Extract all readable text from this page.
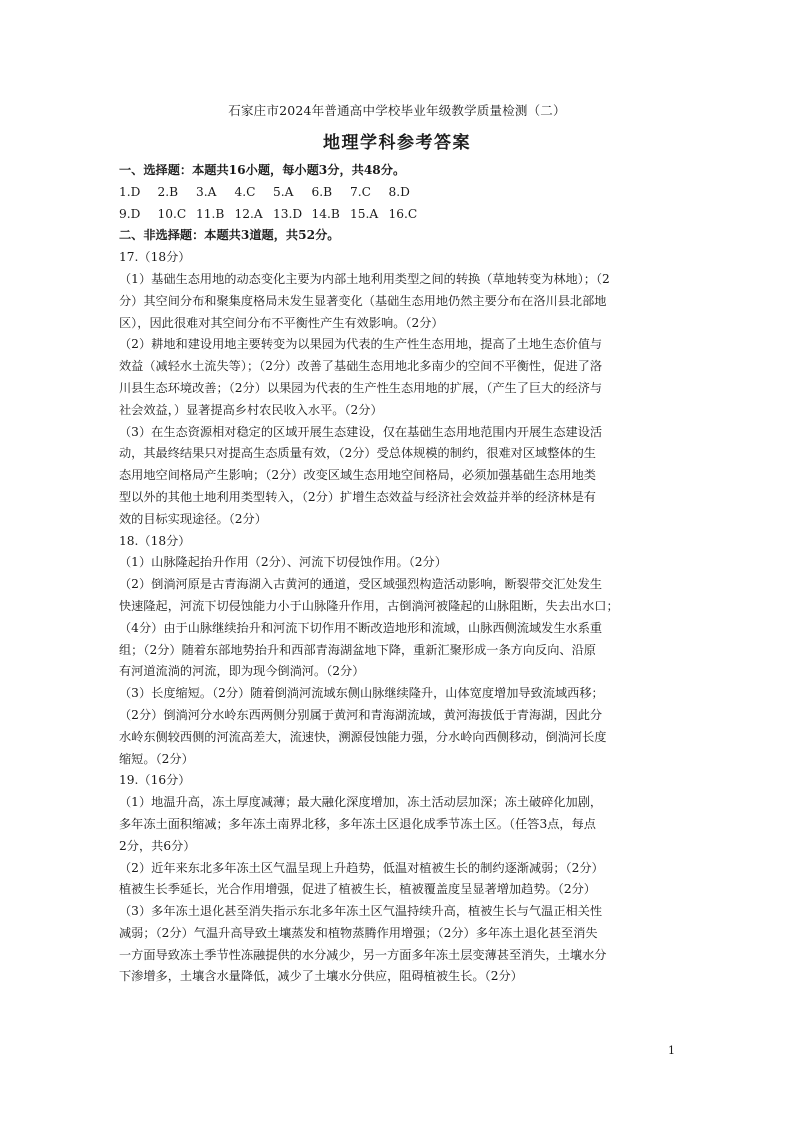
石家庄市2024年普通高中学校毕业年级教学质量检测（二）
地理学科参考答案
一、选择题：本题共16小题，每小题3分，共48分。
1.D	2.B	3.A	4.C	5.A	6.B	7.C	8.D
9.D	10.C 11.B 12.A 13.D 14.B 15.A 16.C
二、非选择题：本题共3道题，共52分。
17.（18分）
（1）基础生态用地的动态变化主要为内部土地利用类型之间的转换（草地转变为林地）；（2
分）其空间分布和聚集度格局未发生显著变化（基础生态用地仍然主要分布在洛川县北部地
区），因此很难对其空间分布不平衡性产生有效影响。（2分）
（2）耕地和建设用地主要转变为以果园为代表的生产性生态用地，提高了土地生态价值与
效益（减轻水土流失等）；（2分）改善了基础生态用地北多南少的空间不平衡性，促进了洛
川县生态环境改善；（2分）以果园为代表的生产性生态用地的扩展，（产生了巨大的经济与
社会效益，）显著提高乡村农民收入水平。（2分）
（3）在生态资源相对稳定的区域开展生态建设，仅在基础生态用地范围内开展生态建设活
动，其最终结果只对提高生态质量有效，（2分）受总体规模的制约，很难对区域整体的生
态用地空间格局产生影响；（2分）改变区域生态用地空间格局，必须加强基础生态用地类
型以外的其他土地利用类型转入，（2分）扩增生态效益与经济社会效益并举的经济林是有
效的目标实现途径。（2分）
18.（18分）
（1）山脉隆起抬升作用（2分）、河流下切侵蚀作用。（2分）
（2）倒淌河原是古青海湖入古黄河的通道，受区域强烈构造活动影响，断裂带交汇处发生
快速隆起，河流下切侵蚀能力小于山脉隆升作用，古倒淌河被隆起的山脉阻断，失去出水口；
（4分）由于山脉继续抬升和河流下切作用不断改造地形和流域，山脉西侧流域发生水系重
组；（2分）随着东部地势抬升和西部青海湖盆地下降，重新汇聚形成一条方向反向、沿原
有河道流淌的河流，即为现今倒淌河。（2分）
（3）长度缩短。（2分）随着倒淌河流域东侧山脉继续隆升，山体宽度增加导致流域西移；
（2分）倒淌河分水岭东西两侧分别属于黄河和青海湖流域，黄河海拔低于青海湖，因此分
水岭东侧较西侧的河流高差大，流速快，溯源侵蚀能力强，分水岭向西侧移动，倒淌河长度
缩短。（2分）
19.（16分）
（1）地温升高，冻土厚度减薄；最大融化深度增加，冻土活动层加深；冻土破碎化加剧，
多年冻土面积缩减；多年冻土南界北移，多年冻土区退化成季节冻土区。（任答3点，每点
2分，共6分）
（2）近年来东北多年冻土区气温呈现上升趋势，低温对植被生长的制约逐渐减弱；（2分）
植被生长季延长，光合作用增强，促进了植被生长，植被覆盖度呈显著增加趋势。（2分）
（3）多年冻土退化甚至消失指示东北多年冻土区气温持续升高，植被生长与气温正相关性
减弱；（2分）气温升高导致土壤蒸发和植物蒸腾作用增强；（2分）多年冻土退化甚至消失
一方面导致冻土季节性冻融提供的水分减少，另一方面多年冻土层变薄甚至消失，土壤水分
下渗增多，土壤含水量降低，减少了土壤水分供应，阻碍植被生长。（2分）
1
